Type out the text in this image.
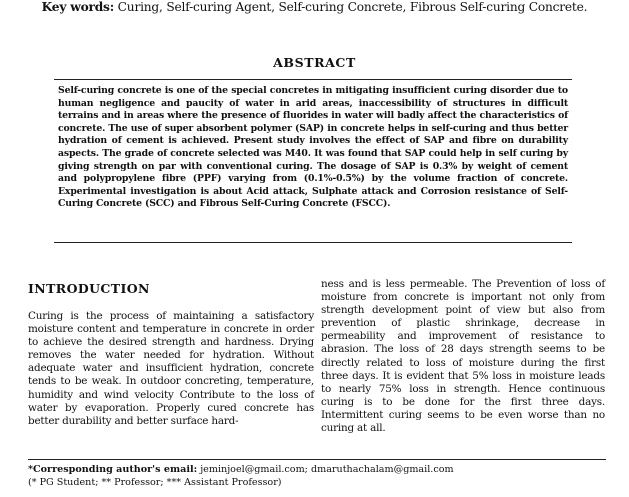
Key words: Curing, Self-curing Agent, Self-curing Concrete, Fibrous Self-curing Concrete.
ABSTRACT

Self-curing concrete is one of the special concretes in mitigating insufficient curing disorder due to human negligence and paucity of water in arid areas, inaccessibility of structures in difficult terrains and in areas where the presence of fluorides in water will badly affect the characteristics of concrete. The use of super absorbent polymer (SAP) in concrete helps in self-curing and thus better hydration of cement is achieved. Present study involves the effect of SAP and fibre on durability aspects. The grade of concrete selected was M40. It was found that SAP could help in self curing by giving strength on par with conventional curing. The dosage of SAP is 0.3% by weight of cement and polypropylene fibre (PPF) varying from (0.1%-0.5%) by the volume fraction of concrete. Experimental investigation is about Acid attack, Sulphate attack and Corrosion resistance of Self-Curing Concrete (SCC) and Fibrous Self-Curing Concrete (FSCC).

INTRODUCTION

Curing is the process of maintaining a satisfactory moisture content and temperature in concrete in order to achieve the desired strength and hardness. Drying removes the water needed for hydration. Without adequate water and insufficient hydration, concrete tends to be weak. In outdoor concreting, temperature, humidity and wind velocity Contribute to the loss of water by evaporation. Properly cured concrete has better durability and better surface hard-

ness and is less permeable. The Prevention of loss of moisture from concrete is important not only from strength development point of view but also from prevention of plastic shrinkage, decrease in permeability and improvement of resistance to abrasion. The loss of 28 days strength seems to be directly related to loss of moisture during the first three days. It is evident that 5% loss in moisture leads to nearly 75% loss in strength. Hence continuous curing is to be done for the first three days. Intermittent curing seems to be even worse than no curing at all.

*Corresponding author's email: jeminjoel@gmail.com; dmaruthachalam@gmail.com
(* PG Student; ** Professor; *** Assistant Professor)
